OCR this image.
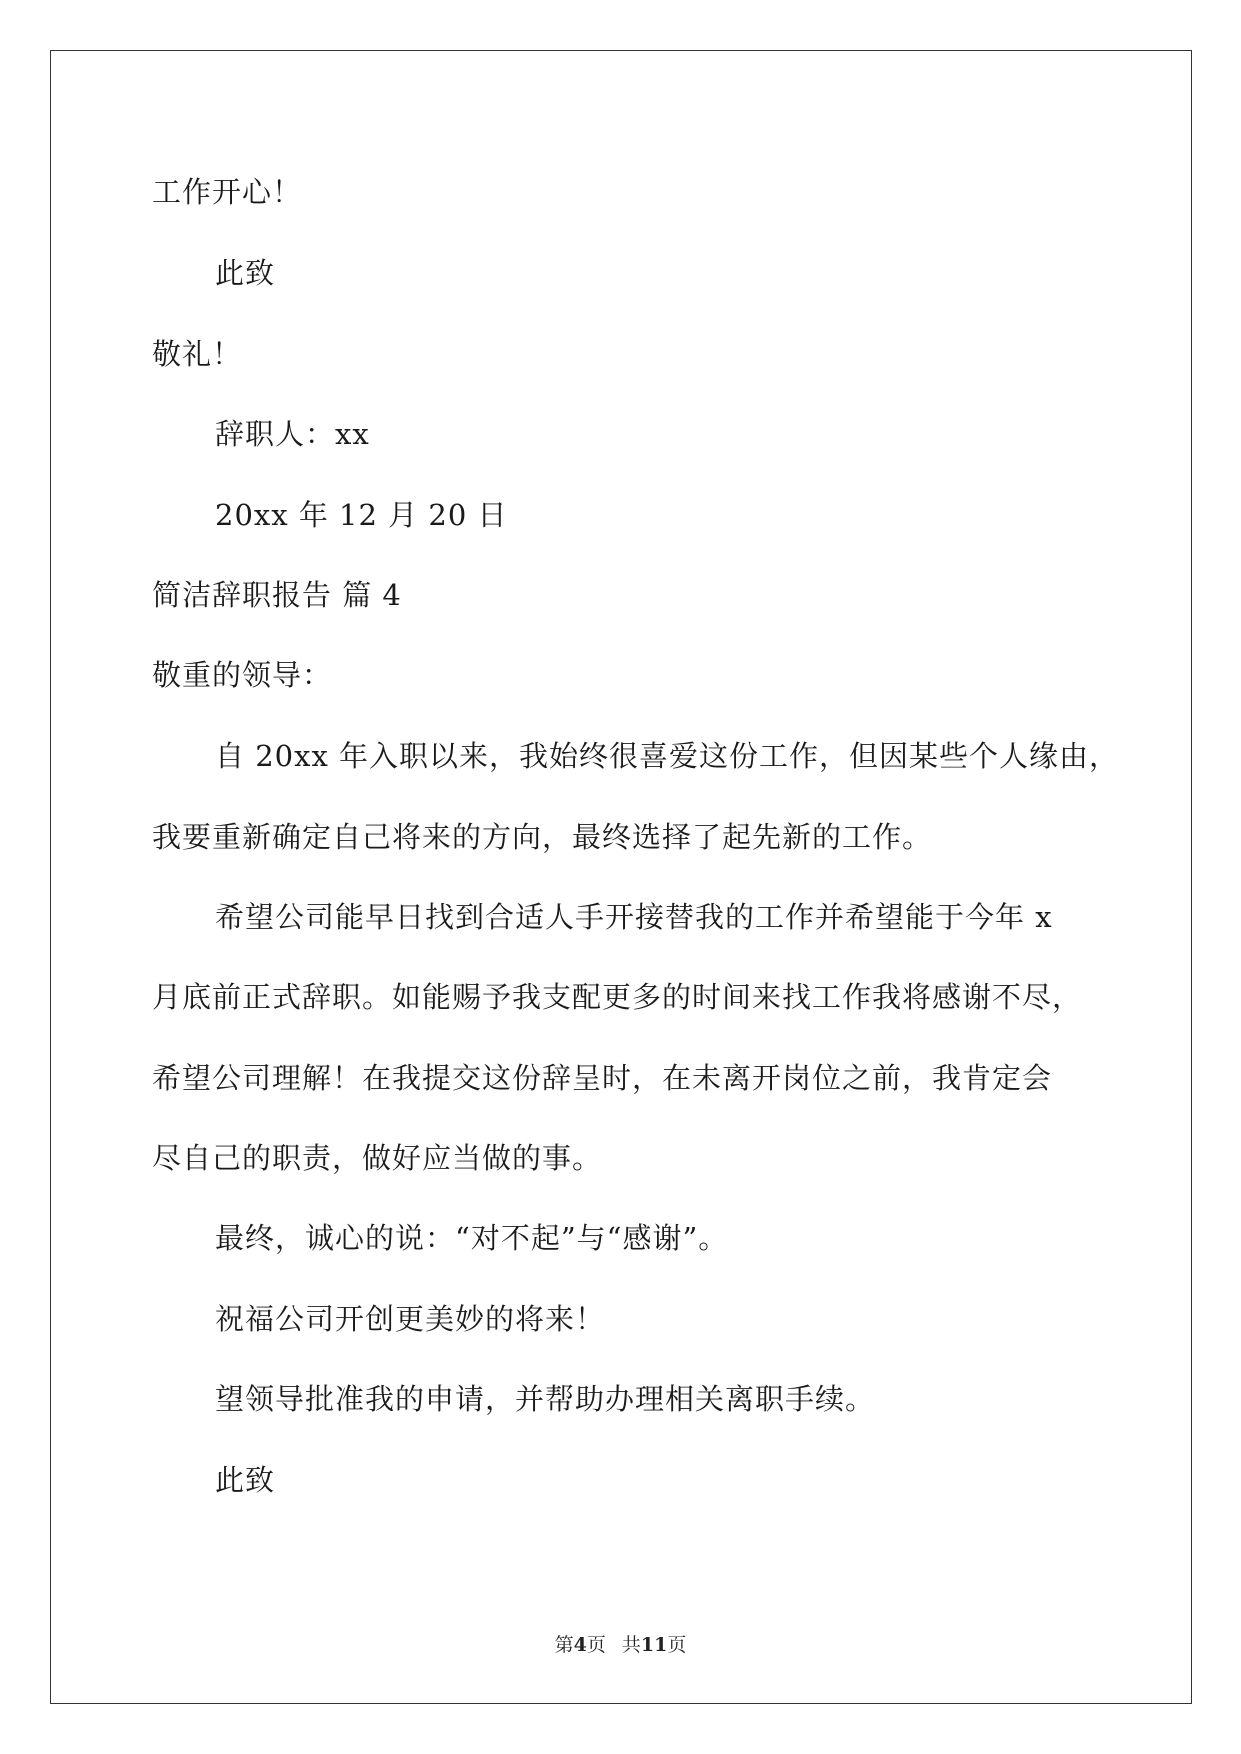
工作开心！
此致
敬礼！
辞职人：xx
20xx 年 12 月 20 日
简洁辞职报告 篇 4
敬重的领导：
自 20xx 年入职以来，我始终很喜爱这份工作，但因某些个人缘由，
我要重新确定自己将来的方向，最终选择了起先新的工作。
希望公司能早日找到合适人手开接替我的工作并希望能于今年 x
月底前正式辞职。如能赐予我支配更多的时间来找工作我将感谢不尽，
希望公司理解！在我提交这份辞呈时，在未离开岗位之前，我肯定会
尽自己的职责，做好应当做的事。
最终，诚心的说：“对不起”与“感谢”。
祝福公司开创更美妙的将来！
望领导批准我的申请，并帮助办理相关离职手续。
此致
第4页 共11页
